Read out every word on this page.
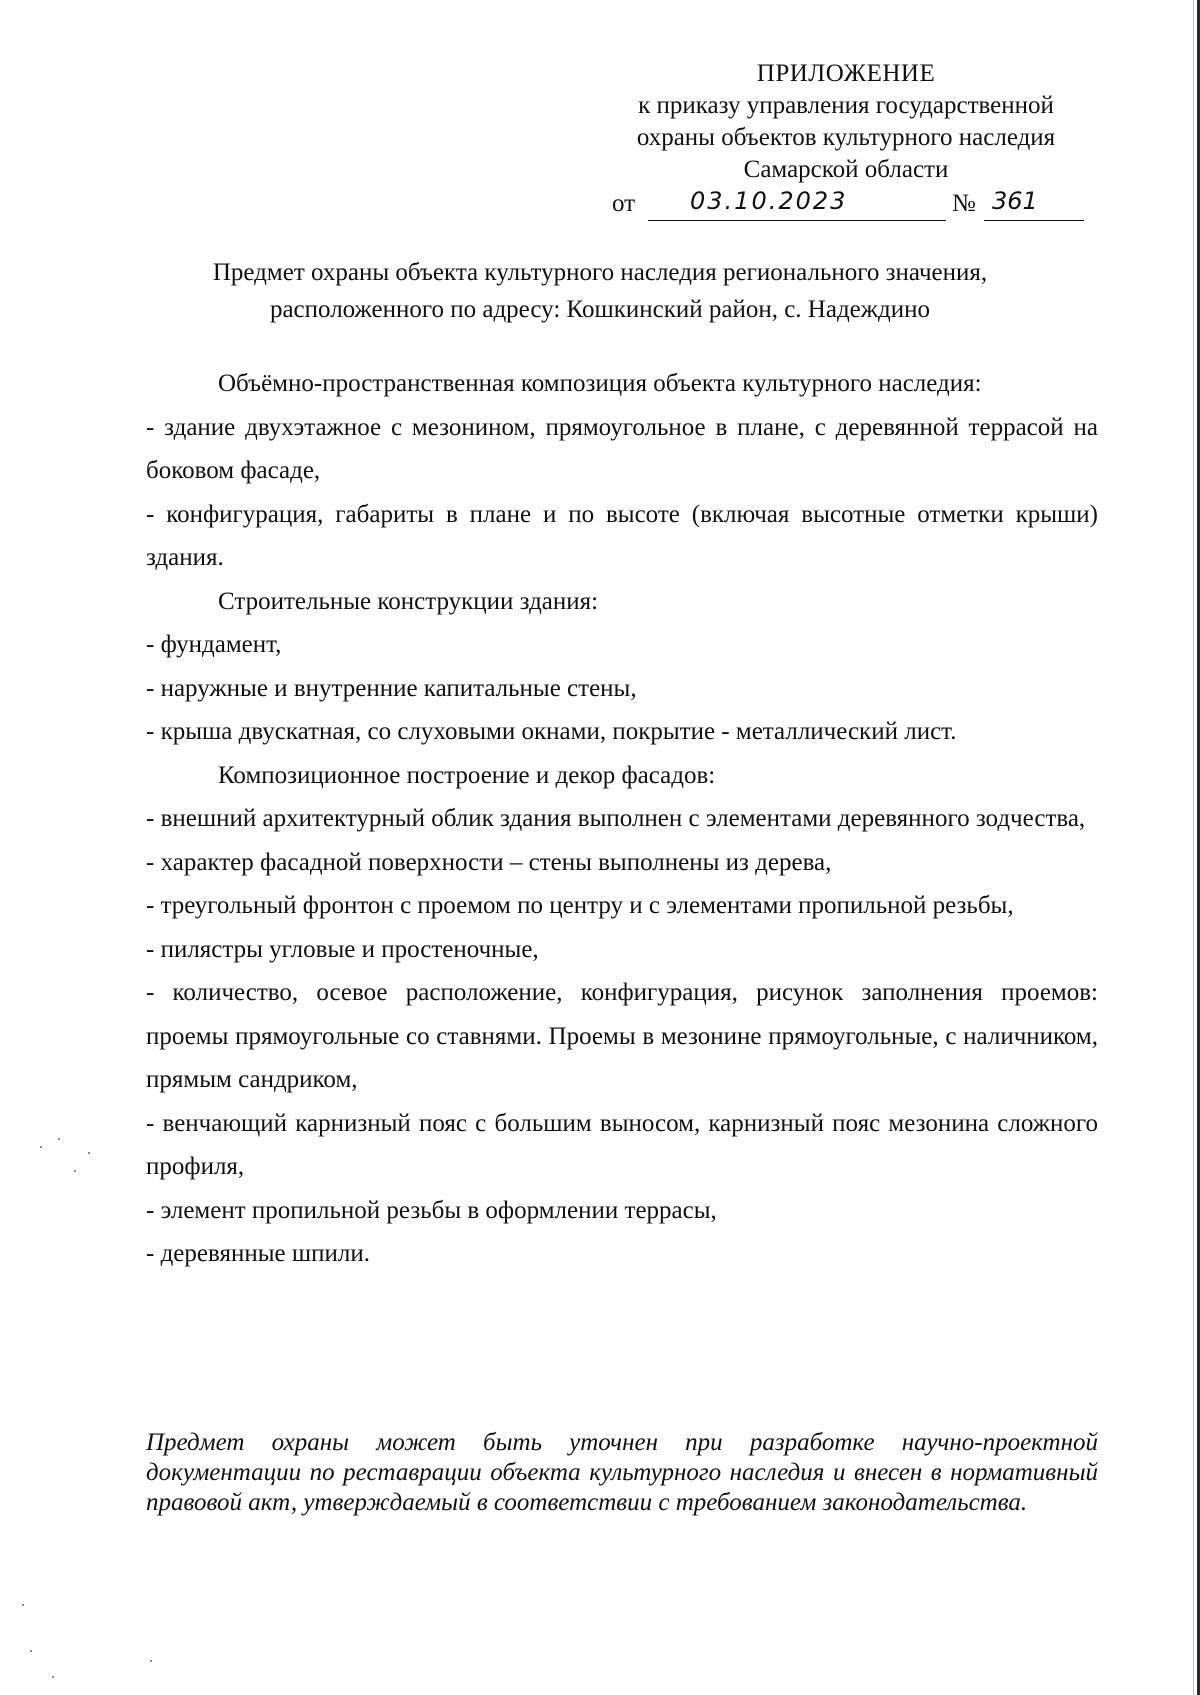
ПРИЛОЖЕНИЕ
к приказу управления государственной
охраны объектов культурного наследия
Самарской области
от 03.10.2023	№ 361
Предмет охраны объекта культурного наследия регионального значения,
расположенного по адресу: Кошкинский район, с. Надеждино

Объёмно-пространственная композиция объекта культурного наследия:

- здание двухэтажное с мезонином, прямоугольное в плане, с деревянной террасой на боковом фасаде,

- конфигурация, габариты в плане и по высоте (включая высотные отметки крыши) здания.

Строительные конструкции здания:

- фундамент,

- наружные и внутренние капитальные стены,

- крыша двускатная, со слуховыми окнами, покрытие - металлический лист.

Композиционное построение и декор фасадов:

- внешний архитектурный облик здания выполнен с элементами деревянного зодчества,

- характер фасадной поверхности – стены выполнены из дерева,

- треугольный фронтон с проемом по центру и с элементами пропильной резьбы,

- пилястры угловые и простеночные,

- количество, осевое расположение, конфигурация, рисунок заполнения проемов: проемы прямоугольные со ставнями. Проемы в мезонине прямоугольные, с наличником, прямым сандриком,

- венчающий карнизный пояс с большим выносом, карнизный пояс мезонина сложного профиля,

- элемент пропильной резьбы в оформлении террасы,

- деревянные шпили.

Предмет охраны может быть уточнен при разработке научно-проектной документации по реставрации объекта культурного наследия и внесен в нормативный правовой акт, утверждаемый в соответствии с требованием законодательства.
